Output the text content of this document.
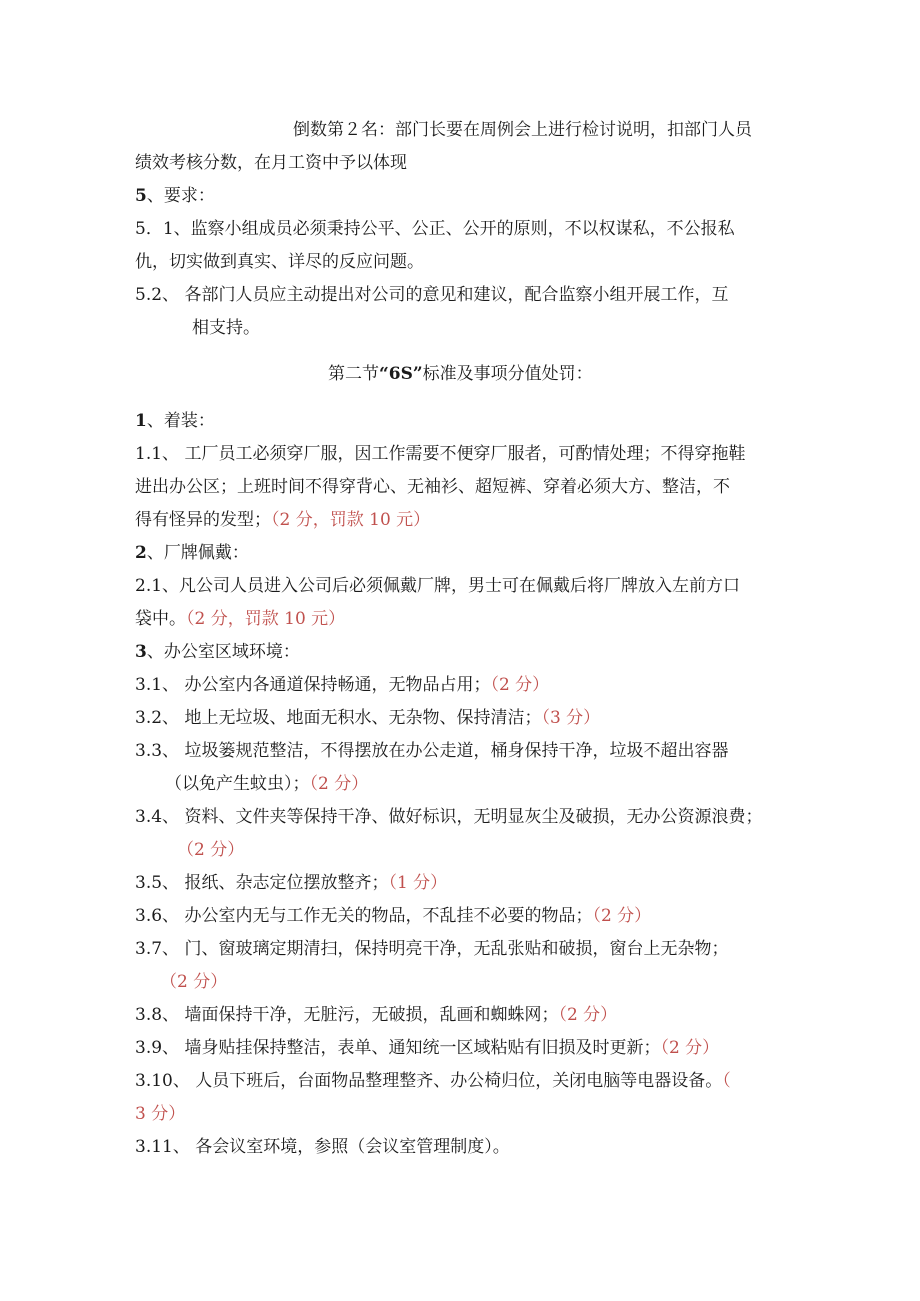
倒数第２名：部门长要在周例会上进行检讨说明，扣部门人员
绩效考核分数，在月工资中予以体现
5、要求：
5．1、监察小组成员必须秉持公平、公正、公开的原则，不以权谋私，不公报私
仇，切实做到真实、详尽的反应问题。
5.2、 各部门人员应主动提出对公司的意见和建议，配合监察小组开展工作，互
相支持。
第二节“6S”标准及事项分值处罚：
1、着装：
1.1、 工厂员工必须穿厂服，因工作需要不便穿厂服者，可酌情处理；不得穿拖鞋
进出办公区；上班时间不得穿背心、无袖衫、超短裤、穿着必须大方、整洁，不
得有怪异的发型；（2 分，罚款 10 元）
2、厂牌佩戴：
2.1、凡公司人员进入公司后必须佩戴厂牌，男士可在佩戴后将厂牌放入左前方口
袋中。（2 分，罚款 10 元）
3、办公室区域环境：
3.1、 办公室内各通道保持畅通，无物品占用；（2 分）
3.2、 地上无垃圾、地面无积水、无杂物、保持清洁；（3 分）
3.3、 垃圾篓规范整洁，不得摆放在办公走道，桶身保持干净，垃圾不超出容器
（以免产生蚊虫）；（2 分）
3.4、 资料、文件夹等保持干净、做好标识，无明显灰尘及破损，无办公资源浪费；
（2 分）
3.5、 报纸、杂志定位摆放整齐；（1 分）
3.6、 办公室内无与工作无关的物品，不乱挂不必要的物品；（2 分）
3.7、 门、窗玻璃定期清扫，保持明亮干净，无乱张贴和破损，窗台上无杂物；
（2 分）
3.8、 墙面保持干净，无脏污，无破损，乱画和蜘蛛网；（2 分）
3.9、 墙身贴挂保持整洁，表单、通知统一区域粘贴有旧损及时更新；（2 分）
3.10、 人员下班后，台面物品整理整齐、办公椅归位，关闭电脑等电器设备。（
3 分）
3.11、 各会议室环境，参照（会议室管理制度）。
